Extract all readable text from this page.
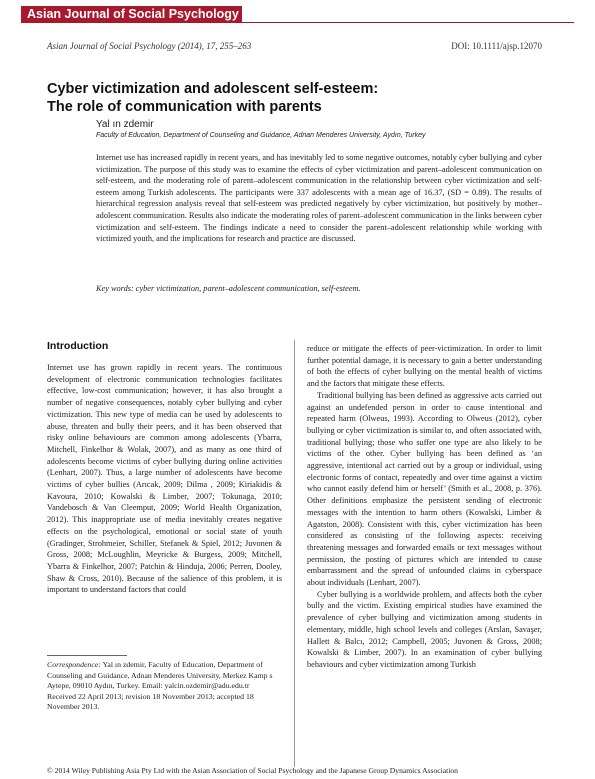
Asian Journal of Social Psychology
Asian Journal of Social Psychology (2014), 17, 255–263	DOI: 10.1111/ajsp.12070
Cyber victimization and adolescent self-esteem:
The role of communication with parents
Yal ın zdemir
Faculty of Education, Department of Counseling and Guidance, Adnan Menderes University, Aydın, Turkey
Internet use has increased rapidly in recent years, and has inevitably led to some negative outcomes, notably cyber bullying and cyber victimization. The purpose of this study was to examine the effects of cyber victimization and parent–adolescent communication on self-esteem, and the moderating role of parent–adolescent communication in the relationship between cyber victimization and self-esteem among Turkish adolescents. The participants were 337 adolescents with a mean age of 16.37, (SD = 0.89). The results of hierarchical regression analysis reveal that self-esteem was predicted negatively by cyber victimization, but positively by mother–adolescent communication. Results also indicate the moderating roles of parent–adolescent communication in the links between cyber victimization and self-esteem. The findings indicate a need to consider the parent–adolescent relationship while working with victimized youth, and the implications for research and practice are discussed.
Key words: cyber victimization, parent–adolescent communication, self-esteem.
Introduction

Internet use has grown rapidly in recent years. The continuous development of electronic communication technologies facilitates effective, low-cost communication; however, it has also brought a number of negative consequences, notably cyber bullying and cyber victimization. This new type of media can be used by adolescents to abuse, threaten and bully their peers, and it has been observed that risky online behaviours are common among adolescents (Ybarra, Mitchell, Finkelhor & Wolak, 2007), and as many as one third of adolescents become victims of cyber bullying during online activities (Lenhart, 2007). Thus, a large number of adolescents have become victims of cyber bullies (Arıcak, 2009; Dilma , 2009; Kiriakidis & Kavoura, 2010; Kowalski & Limber, 2007; Tokunaga, 2010; Vandebosch & Van Cleemput, 2009; World Health Organization, 2012). This inappropriate use of media inevitably creates negative effects on the psychological, emotional or social state of youth (Gradinger, Strohmeier, Schiller, Stefanek & Spiel, 2012; Juvonen & Gross, 2008; McLoughlin, Meyricke & Burgess, 2009; Mitchell, Ybarra & Finkelhor, 2007; Patchin & Hinduja, 2006; Perren, Dooley, Shaw & Cross, 2010). Because of the salience of this problem, it is important to understand factors that could

reduce or mitigate the effects of peer-victimization. In order to limit further potential damage, it is necessary to gain a better understanding of both the effects of cyber bullying on the mental health of victims and the factors that mitigate these effects.

Traditional bullying has been defined as aggressive acts carried out against an undefended person in order to cause intentional and repeated harm (Olweus, 1993). According to Olweus (2012), cyber bullying or cyber victimization is similar to, and often associated with, traditional bullying; those who suffer one type are also likely to be victims of the other. Cyber bullying has been defined as ‘an aggressive, intentional act carried out by a group or individual, using electronic forms of contact, repeatedly and over time against a victim who cannot easily defend him or herself’ (Smith et al., 2008, p. 376). Other definitions emphasize the persistent sending of electronic messages with the intention to harm others (Kowalski, Limber & Agatston, 2008). Consistent with this, cyber victimization has been considered as consisting of the following aspects: receiving threatening messages and forwarded emails or text messages without permission, the posting of pictures which are intended to cause embarrassment and the spread of unfounded claims in cyberspace about individuals (Lenhart, 2007).

Cyber bullying is a worldwide problem, and affects both the cyber bully and the victim. Existing empirical studies have examined the prevalence of cyber bullying and victimization among students in elementary, middle, high school levels and colleges (Arslan, Savaşer, Hallett & Balcı, 2012; Campbell, 2005; Juvonen & Gross, 2008; Kowalski & Limber, 2007). In an examination of cyber bullying behaviours and cyber victimization among Turkish

Correspondence: Yal ın zdemir, Faculty of Education, Department of Counseling and Guidance, Adnan Menderes University, Merkez Kamp s Aytepe, 09010 Aydın, Turkey. Email: yalcin.ozdemir@adu.edu.tr
Received 22 April 2013; revision 18 November 2013; accepted 18 November 2013.
© 2014 Wiley Publishing Asia Pty Ltd with the Asian Association of Social Psychology and the Japanese Group Dynamics Association
